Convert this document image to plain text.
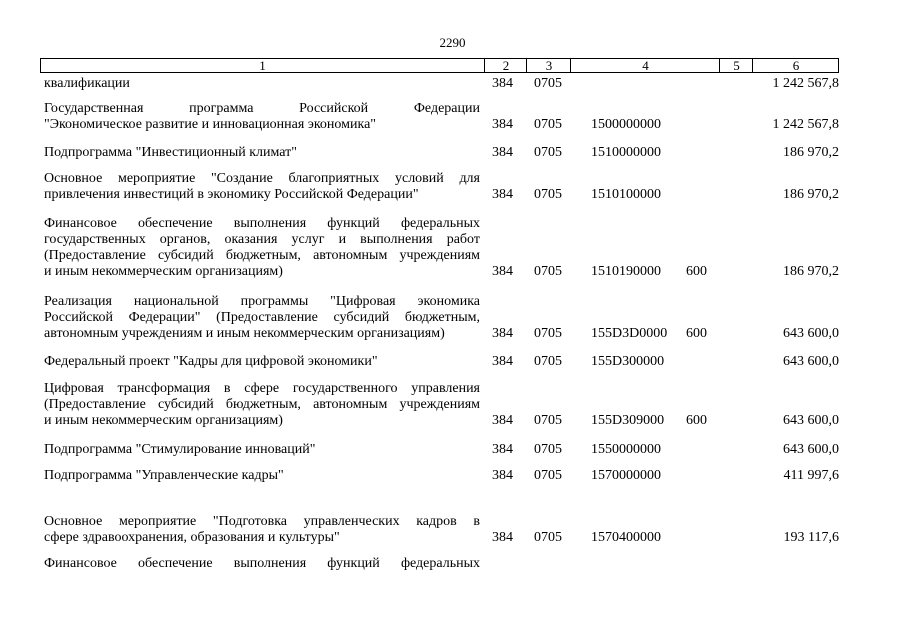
2290
1	2	3	4	5	6
квалификации	384 0705	1 242 567,8
Государственная программа Российской Федерации
"Экономическое развитие и инновационная экономика"	384 0705 1500000000	1 242 567,8
Подпрограмма "Инвестиционный климат"	384 0705 1510000000	186 970,2
Основное мероприятие "Создание благоприятных условий для
привлечения инвестиций в экономику Российской Федерации"	384 0705 1510100000	186 970,2
Финансовое обеспечение выполнения функций федеральных
государственных органов, оказания услуг и выполнения работ
(Предоставление субсидий бюджетным, автономным учреждениям
и иным некоммерческим организациям)	384 0705 1510190000 600	186 970,2
Реализация национальной программы "Цифровая экономика
Российской Федерации" (Предоставление субсидий бюджетным,
автономным учреждениям и иным некоммерческим организациям)	384 0705 155D3D0000 600	643 600,0
Федеральный проект "Кадры для цифровой экономики"	384 0705 155D300000	643 600,0
Цифровая трансформация в сфере государственного управления
(Предоставление субсидий бюджетным, автономным учреждениям
и иным некоммерческим организациям)	384 0705 155D309000 600	643 600,0
Подпрограмма "Стимулирование инноваций"	384 0705 1550000000	643 600,0
Подпрограмма "Управленческие кадры"	384 0705 1570000000	411 997,6
Основное мероприятие "Подготовка управленческих кадров в
сфере здравоохранения, образования и культуры"	384 0705 1570400000	193 117,6
Финансовое обеспечение выполнения функций федеральных
